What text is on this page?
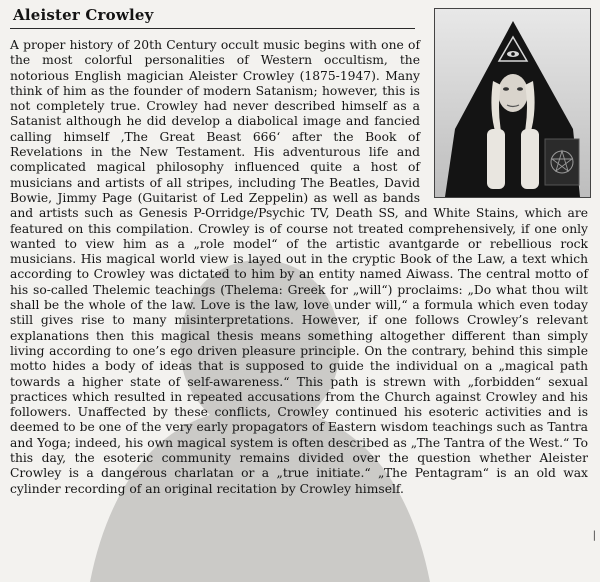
Aleister Crowley

A proper history of 20th Century occult music begins with one of the most colorful personalities of Western occultism, the notorious English magician Aleister Crowley (1875-1947). Many think of him as the founder of modern Satanism; however, this is not completely true. Crowley had never described himself as a Satanist although he did develop a diabolical image and fancied calling himself ‚The Great Beast 666‘ after the Book of Revelations in the New Testament. His adventurous life and complicated magical philosophy influenced quite a host of musicians and artists of all stripes, including The Beatles, David Bowie, Jimmy Page (Guitarist of Led Zeppelin) as well as bands and artists such as Genesis P-Orridge/Psychic TV, Death SS, and White Stains, which are featured on this compilation. Crowley is of course not treated comprehensively, if one only wanted to view him as a „role model“ of the artistic avantgarde or rebellious rock musicians. His magical world view is layed out in the cryptic Book of the Law, a text which according to Crowley was dictated to him by an entity named Aiwass. The central motto of his so-called Thelemic teachings (Thelema: Greek for „will“) proclaims: „Do what thou wilt shall be the whole of the law. Love is the law, love under will,“ a formula which even today still gives rise to many misinterpretations. However, if one follows Crowley’s relevant explanations then this magical thesis means something altogether different than simply living according to one’s ego driven pleasure principle. On the contrary, behind this simple motto hides a body of ideas that is supposed to guide the individual on a „magical path towards a higher state of self-awareness.“ This path is strewn with „forbidden“ sexual practices which resulted in repeated accusations from the Church against Crowley and his followers. Unaffected by these conflicts, Crowley continued his esoteric activities and is deemed to be one of the very early propagators of Eastern wisdom teachings such as Tantra and Yoga; indeed, his own magical system is often described as „The Tantra of the West.“ To this day, the esoteric community remains divided over the question whether Aleister Crowley is a dangerous charlatan or a „true initiate.“ „The Pentagram“ is an old wax cylinder recording of an original recitation by Crowley himself.

|
